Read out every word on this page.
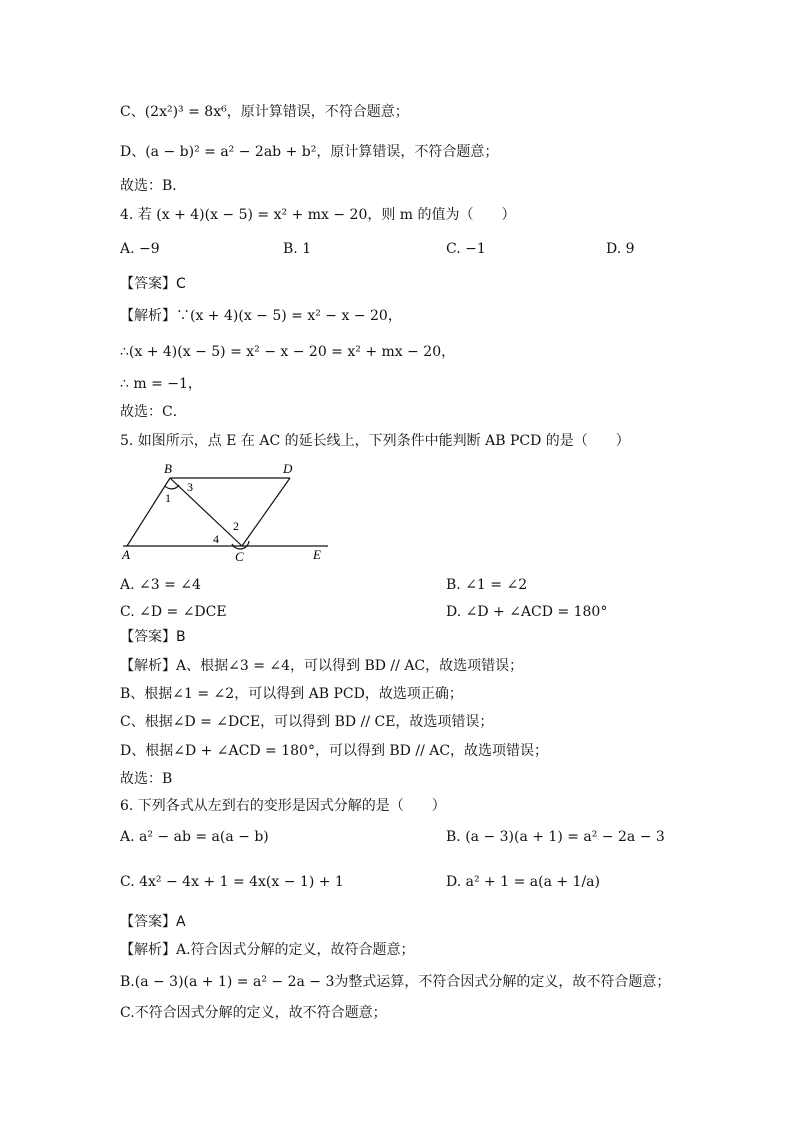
C、(2x²)³ = 8x⁶，原计算错误，不符合题意；
D、(a − b)² = a² − 2ab + b²，原计算错误，不符合题意；
故选：B．
4. 若 (x + 4)(x − 5) = x² + mx − 20，则 m 的值为（　　）
A. −9	B. 1	C. −1	D. 9
【答案】C
【解析】∵(x + 4)(x − 5) = x² − x − 20，
∴(x + 4)(x − 5) = x² − x − 20 = x² + mx − 20，
∴ m = −1，
故选：C．
5. 如图所示，点 E 在 AC 的延长线上，下列条件中能判断 AB PCD 的是（　　）
A
B
C
D
E
1
3
2
4
A. ∠3 = ∠4	B. ∠1 = ∠2
C. ∠D = ∠DCE	D. ∠D + ∠ACD = 180°
【答案】B
【解析】A、根据∠3 = ∠4，可以得到 BD // AC，故选项错误；
B、根据∠1 = ∠2，可以得到 AB PCD，故选项正确；
C、根据∠D = ∠DCE，可以得到 BD // CE，故选项错误；
D、根据∠D + ∠ACD = 180°，可以得到 BD // AC，故选项错误；
故选：B
6. 下列各式从左到右的变形是因式分解的是（　　）
A. a² − ab = a(a − b)	B. (a − 3)(a + 1) = a² − 2a − 3
C. 4x² − 4x + 1 = 4x(x − 1) + 1	D. a² + 1 = a(a + 1/a)
【答案】A
【解析】A.符合因式分解的定义，故符合题意；
B.(a − 3)(a + 1) = a² − 2a − 3为整式运算，不符合因式分解的定义，故不符合题意；
C.不符合因式分解的定义，故不符合题意；
